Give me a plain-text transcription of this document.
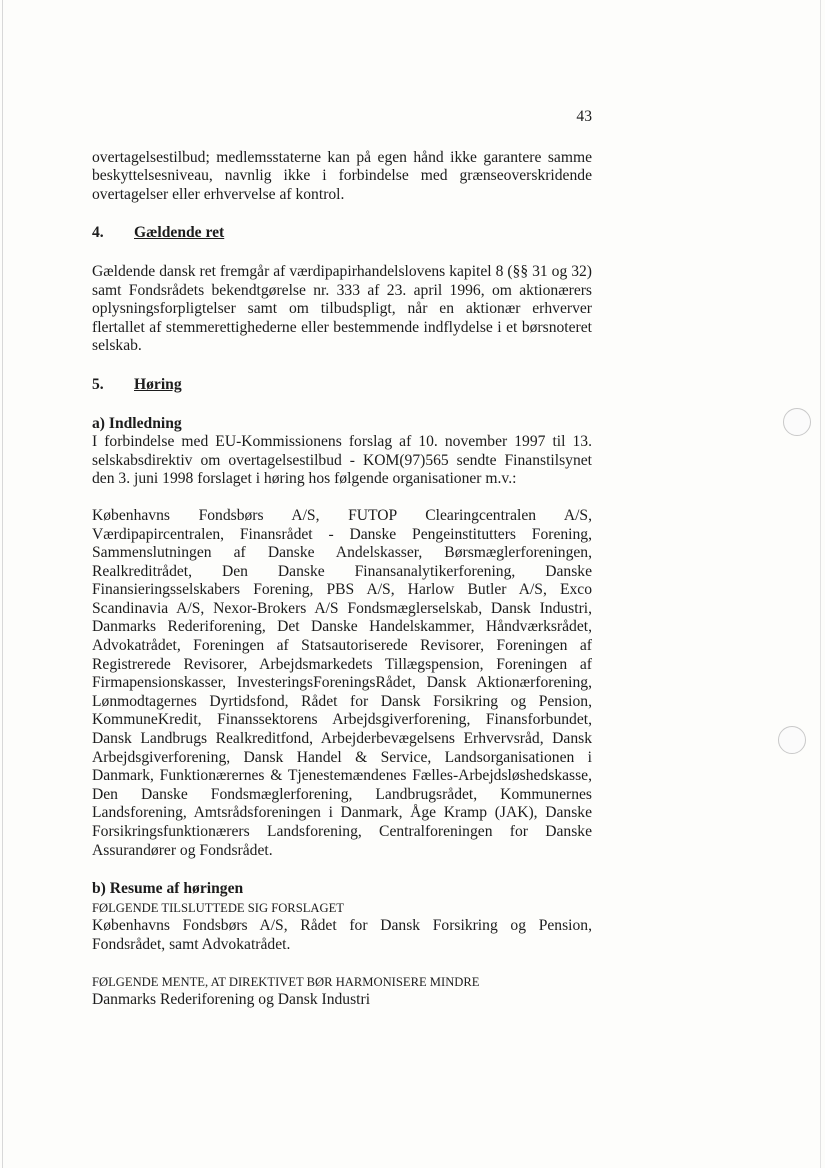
43

overtagelsestilbud; medlemsstaterne kan på egen hånd ikke garantere samme beskyttelsesniveau, navnlig ikke i forbindelse med grænseoverskridende overtagelser eller erhvervelse af kontrol.

4.	Gældende ret

Gældende dansk ret fremgår af værdipapirhandelslovens kapitel 8 (§§ 31 og 32) samt Fondsrådets bekendtgørelse nr. 333 af 23. april 1996, om aktionærers oplysningsforpligtelser samt om tilbudspligt, når en aktionær erhverver flertallet af stemmerettighederne eller bestemmende indflydelse i et børsnoteret selskab.

5.	Høring

a) Indledning

I forbindelse med EU-Kommissionens forslag af 10. november 1997 til 13. selskabsdirektiv om overtagelsestilbud - KOM(97)565 sendte Finanstilsynet den 3. juni 1998 forslaget i høring hos følgende organisationer m.v.:

Københavns Fondsbørs A/S, FUTOP Clearingcentralen A/S, Værdipapircentralen, Finansrådet - Danske Pengeinstitutters Forening, Sammenslutningen af Danske Andelskasser, Børsmæglerforeningen, Realkreditrådet, Den Danske Finansanalytikerforening, Danske Finansieringsselskabers Forening, PBS A/S, Harlow Butler A/S, Exco Scandinavia A/S, Nexor-Brokers A/S Fondsmæglerselskab, Dansk Industri, Danmarks Rederiforening, Det Danske Handelskammer, Håndværksrådet, Advokatrådet, Foreningen af Statsautoriserede Revisorer, Foreningen af Registrerede Revisorer, Arbejdsmarkedets Tillægspension, Foreningen af Firmapensionskasser, InvesteringsForeningsRådet, Dansk Aktionærforening, Lønmodtagernes Dyrtidsfond, Rådet for Dansk Forsikring og Pension, KommuneKredit, Finanssektorens Arbejdsgiverforening, Finansforbundet, Dansk Landbrugs Realkreditfond, Arbejderbevægelsens Erhvervsråd, Dansk Arbejdsgiverforening, Dansk Handel & Service, Landsorganisationen i Danmark, Funktionærernes & Tjenestemændenes Fælles-Arbejdsløshedskasse, Den Danske Fondsmæglerforening, Landbrugsrådet, Kommunernes Landsforening, Amtsrådsforeningen i Danmark, Åge Kramp (JAK), Danske Forsikringsfunktionærers Landsforening, Centralforeningen for Danske Assurandører og Fondsrådet.

b) Resume af høringen

FØLGENDE TILSLUTTEDE SIG FORSLAGET

Københavns Fondsbørs A/S, Rådet for Dansk Forsikring og Pension, Fondsrådet, samt Advokatrådet.

FØLGENDE MENTE, AT DIREKTIVET BØR HARMONISERE MINDRE

Danmarks Rederiforening og Dansk Industri
